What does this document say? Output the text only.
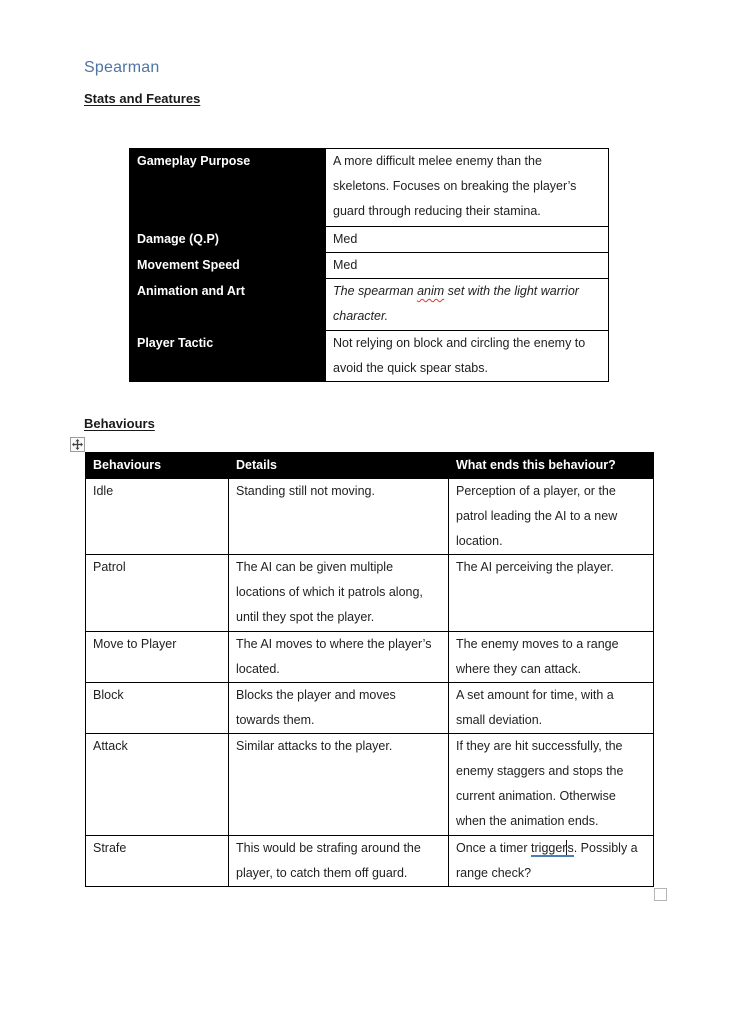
Spearman
Stats and Features
Gameplay Purpose	A more difficult melee enemy than the skeletons. Focuses on breaking the player’s guard through reducing their stamina.
Damage (Q.P)	Med
Movement Speed	Med
Animation and Art	The spearman anim set with the light warrior character.
Player Tactic	Not relying on block and circling the enemy to avoid the quick spear stabs.
Behaviours
Behaviours	Details	What ends this behaviour?
Idle	Standing still not moving.	Perception of a player, or the patrol leading the AI to a new location.
Patrol	The AI can be given multiple locations of which it patrols along, until they spot the player.	The AI perceiving the player.
Move to Player	The AI moves to where the player’s located.	The enemy moves to a range where they can attack.
Block	Blocks the player and moves towards them.	A set amount for time, with a small deviation.
Attack	Similar attacks to the player.	If they are hit successfully, the enemy staggers and stops the current animation. Otherwise when the animation ends.
Strafe	This would be strafing around the player, to catch them off guard.	Once a timer triggers. Possibly a range check?
